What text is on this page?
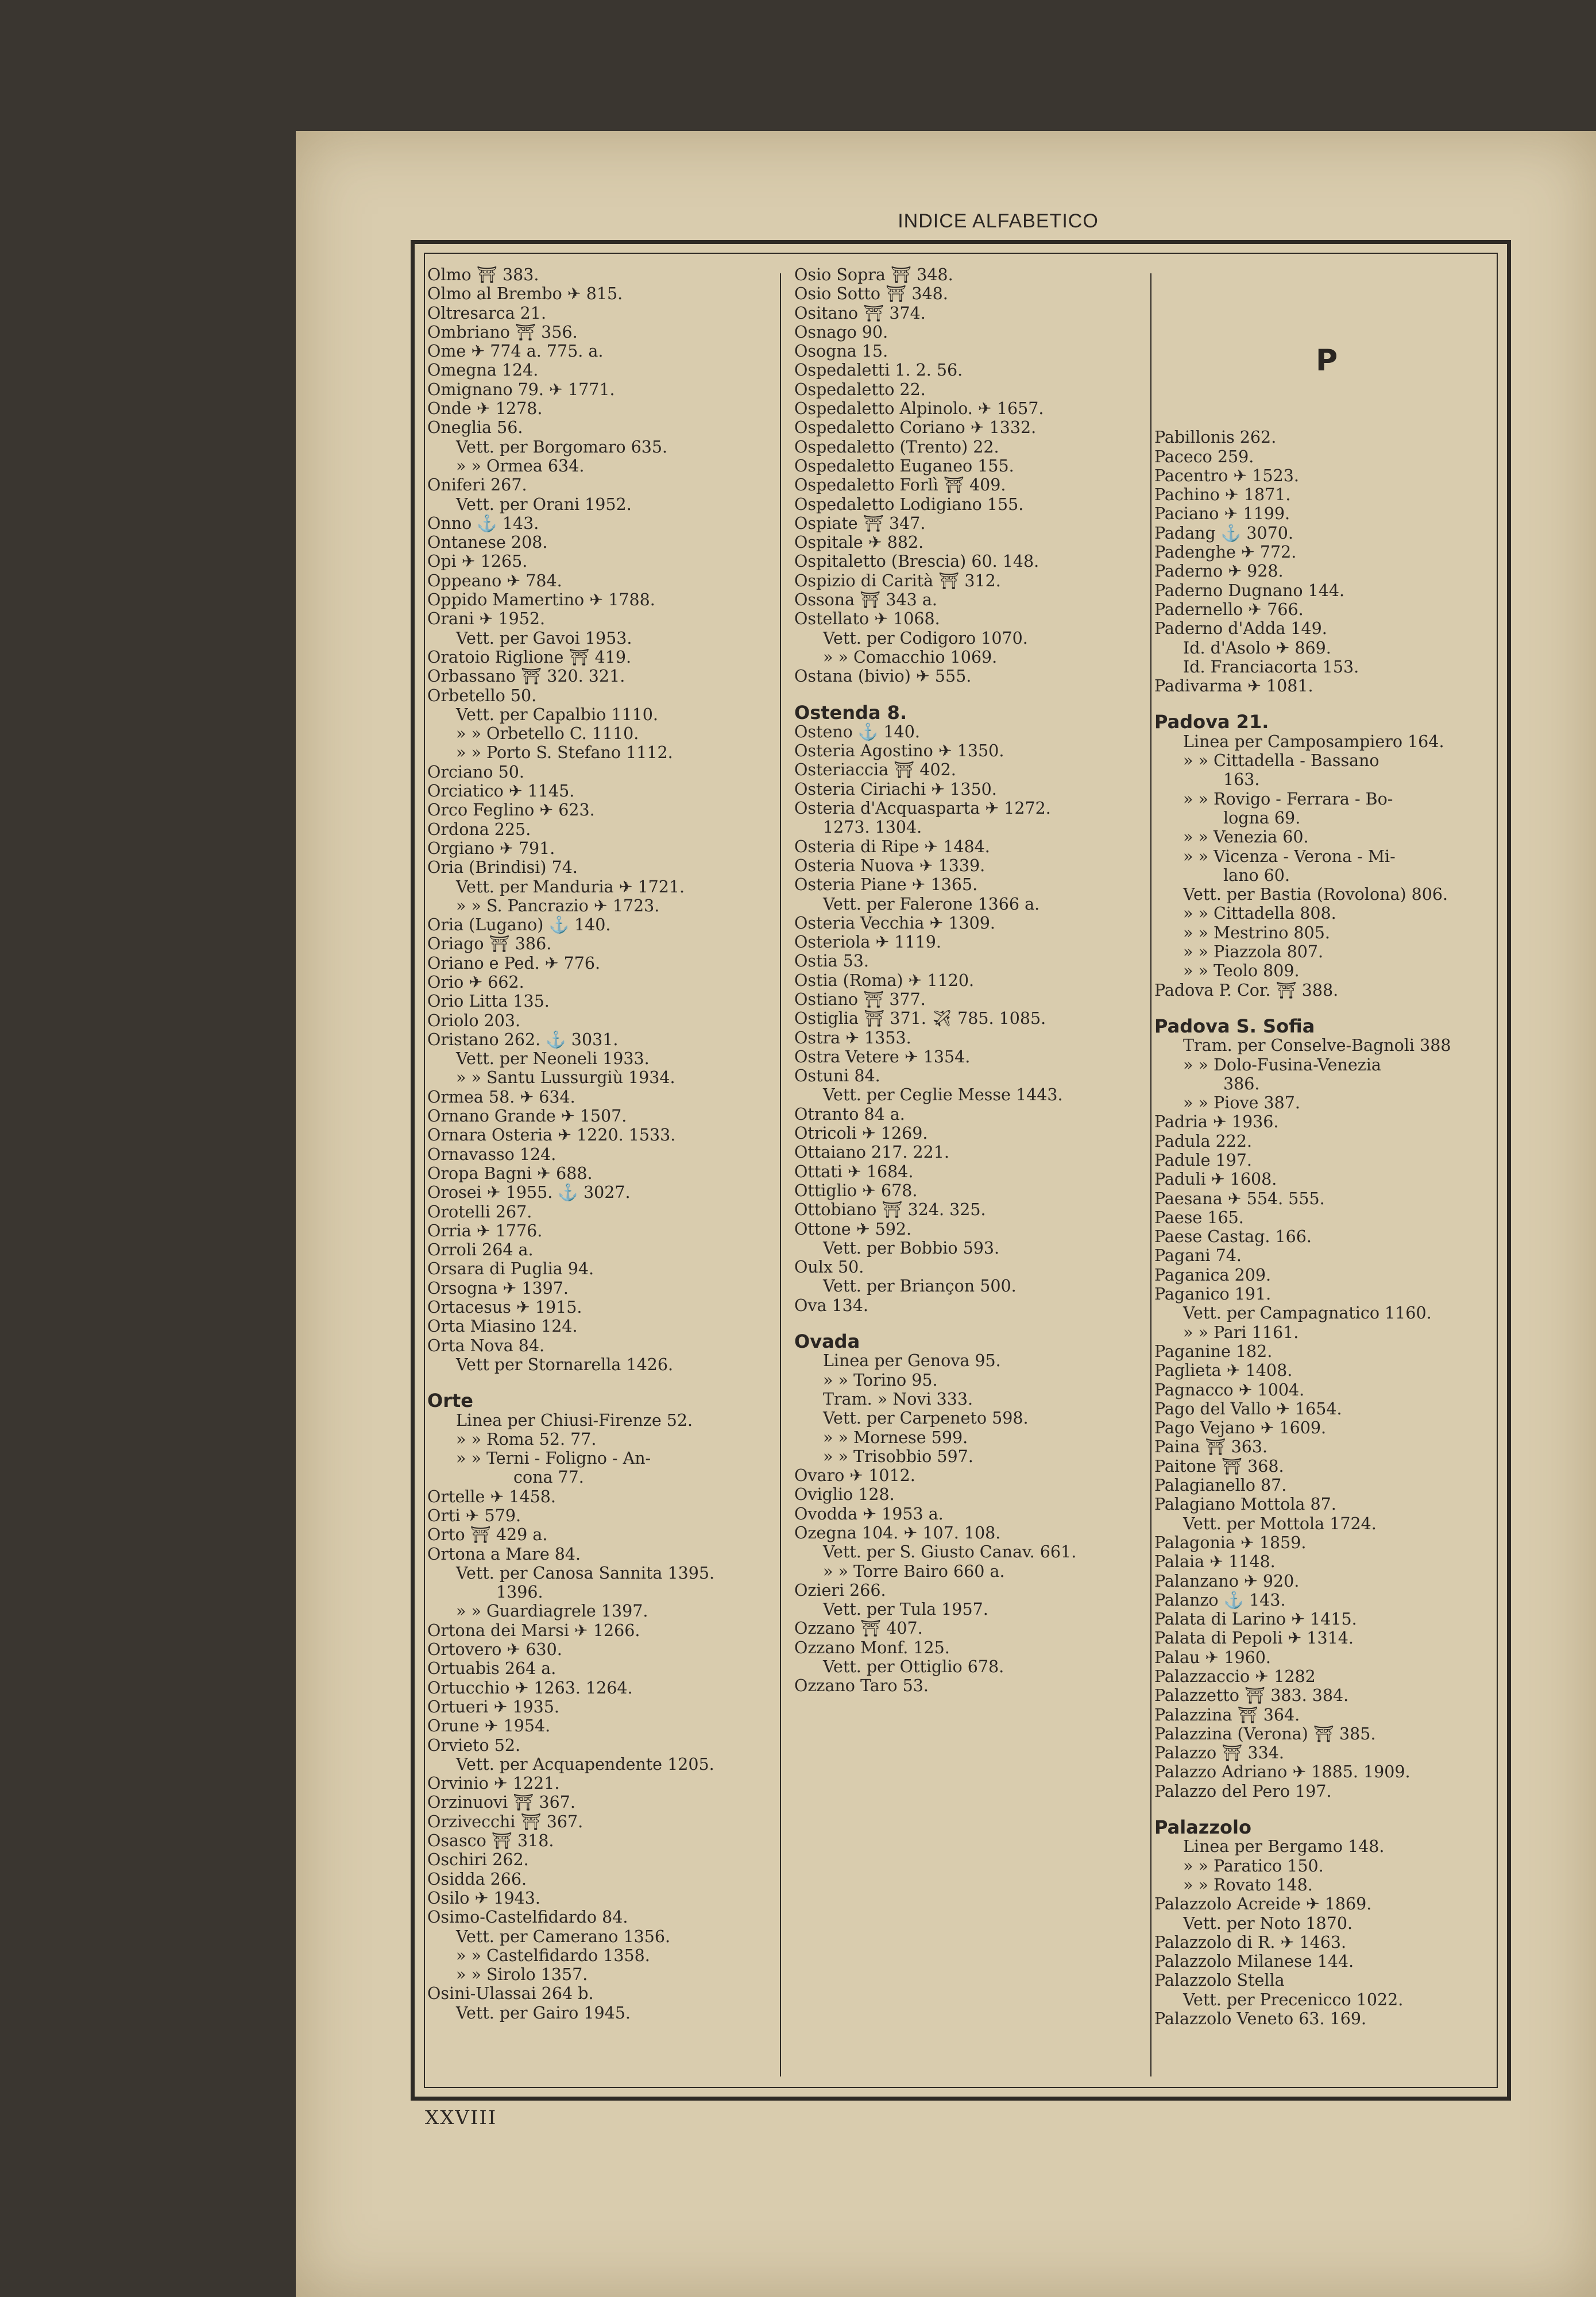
INDICE ALFABETICO
Olmo ⛩ 383.
Olmo al Brembo ✈ 815.
Oltresarca 21.
Ombriano ⛩ 356.
Ome ✈ 774 a. 775. a.
Omegna 124.
Omignano 79. ✈ 1771.
Onde ✈ 1278.
Oneglia 56.
Vett. per Borgomaro 635.
» » Ormea 634.
Oniferi 267.
Vett. per Orani 1952.
Onno ⚓ 143.
Ontanese 208.
Opi ✈ 1265.
Oppeano ✈ 784.
Oppido Mamertino ✈ 1788.
Orani ✈ 1952.
Vett. per Gavoi 1953.
Oratoio Riglione ⛩ 419.
Orbassano ⛩ 320. 321.
Orbetello 50.
Vett. per Capalbio 1110.
» » Orbetello C. 1110.
» » Porto S. Stefano 1112.
Orciano 50.
Orciatico ✈ 1145.
Orco Feglino ✈ 623.
Ordona 225.
Orgiano ✈ 791.
Oria (Brindisi) 74.
Vett. per Manduria ✈ 1721.
» » S. Pancrazio ✈ 1723.
Oria (Lugano) ⚓ 140.
Oriago ⛩ 386.
Oriano e Ped. ✈ 776.
Orio ✈ 662.
Orio Litta 135.
Oriolo 203.
Oristano 262. ⚓ 3031.
Vett. per Neoneli 1933.
» » Santu Lussurgiù 1934.
Ormea 58. ✈ 634.
Ornano Grande ✈ 1507.
Ornara Osteria ✈ 1220. 1533.
Ornavasso 124.
Oropa Bagni ✈ 688.
Orosei ✈ 1955. ⚓ 3027.
Orotelli 267.
Orria ✈ 1776.
Orroli 264 a.
Orsara di Puglia 94.
Orsogna ✈ 1397.
Ortacesus ✈ 1915.
Orta Miasino 124.
Orta Nova 84.
Vett per Stornarella 1426.
Orte
Linea per Chiusi-Firenze 52.
» » Roma 52. 77.
» » Terni - Foligno - An-
cona 77.
Ortelle ✈ 1458.
Orti ✈ 579.
Orto ⛩ 429 a.
Ortona a Mare 84.
Vett. per Canosa Sannita 1395.
1396.
» » Guardiagrele 1397.
Ortona dei Marsi ✈ 1266.
Ortovero ✈ 630.
Ortuabis 264 a.
Ortucchio ✈ 1263. 1264.
Ortueri ✈ 1935.
Orune ✈ 1954.
Orvieto 52.
Vett. per Acquapendente 1205.
Orvinio ✈ 1221.
Orzinuovi ⛩ 367.
Orzivecchi ⛩ 367.
Osasco ⛩ 318.
Oschiri 262.
Osidda 266.
Osilo ✈ 1943.
Osimo-Castelfidardo 84.
Vett. per Camerano 1356.
» » Castelfidardo 1358.
» » Sirolo 1357.
Osini-Ulassai 264 b.
Vett. per Gairo 1945.
Osio Sopra ⛩ 348.
Osio Sotto ⛩ 348.
Ositano ⛩ 374.
Osnago 90.
Osogna 15.
Ospedaletti 1. 2. 56.
Ospedaletto 22.
Ospedaletto Alpinolo. ✈ 1657.
Ospedaletto Coriano ✈ 1332.
Ospedaletto (Trento) 22.
Ospedaletto Euganeo 155.
Ospedaletto Forlì ⛩ 409.
Ospedaletto Lodigiano 155.
Ospiate ⛩ 347.
Ospitale ✈ 882.
Ospitaletto (Brescia) 60. 148.
Ospizio di Carità ⛩ 312.
Ossona ⛩ 343 a.
Ostellato ✈ 1068.
Vett. per Codigoro 1070.
» » Comacchio 1069.
Ostana (bivio) ✈ 555.
Ostenda 8.
Osteno ⚓ 140.
Osteria Agostino ✈ 1350.
Osteriaccia ⛩ 402.
Osteria Ciriachi ✈ 1350.
Osteria d'Acquasparta ✈ 1272.
1273. 1304.
Osteria di Ripe ✈ 1484.
Osteria Nuova ✈ 1339.
Osteria Piane ✈ 1365.
Vett. per Falerone 1366 a.
Osteria Vecchia ✈ 1309.
Osteriola ✈ 1119.
Ostia 53.
Ostia (Roma) ✈ 1120.
Ostiano ⛩ 377.
Ostiglia ⛩ 371. ✈ 785. 1085.
Ostra ✈ 1353.
Ostra Vetere ✈ 1354.
Ostuni 84.
Vett. per Ceglie Messe 1443.
Otranto 84 a.
Otricoli ✈ 1269.
Ottaiano 217. 221.
Ottati ✈ 1684.
Ottiglio ✈ 678.
Ottobiano ⛩ 324. 325.
Ottone ✈ 592.
Vett. per Bobbio 593.
Oulx 50.
Vett. per Briançon 500.
Ova 134.
Ovada
Linea per Genova 95.
» » Torino 95.
Tram. » Novi 333.
Vett. per Carpeneto 598.
» » Mornese 599.
» » Trisobbio 597.
Ovaro ✈ 1012.
Oviglio 128.
Ovodda ✈ 1953 a.
Ozegna 104. ✈ 107. 108.
Vett. per S. Giusto Canav. 661.
» » Torre Bairo 660 a.
Ozieri 266.
Vett. per Tula 1957.
Ozzano ⛩ 407.
Ozzano Monf. 125.
Vett. per Ottiglio 678.
Ozzano Taro 53.
P
Pabillonis 262.
Paceco 259.
Pacentro ✈ 1523.
Pachino ✈ 1871.
Paciano ✈ 1199.
Padang ⚓ 3070.
Padenghe ✈ 772.
Paderno ✈ 928.
Paderno Dugnano 144.
Padernello ✈ 766.
Paderno d'Adda 149.
Id. d'Asolo ✈ 869.
Id. Franciacorta 153.
Padivarma ✈ 1081.
Padova 21.
Linea per Camposampiero 164.
» » Cittadella - Bassano
163.
» » Rovigo - Ferrara - Bo-
logna 69.
» » Venezia 60.
» » Vicenza - Verona - Mi-
lano 60.
Vett. per Bastia (Rovolona) 806.
» » Cittadella 808.
» » Mestrino 805.
» » Piazzola 807.
» » Teolo 809.
Padova P. Cor. ⛩ 388.
Padova S. Sofia
Tram. per Conselve-Bagnoli 388
» » Dolo-Fusina-Venezia
386.
» » Piove 387.
Padria ✈ 1936.
Padula 222.
Padule 197.
Paduli ✈ 1608.
Paesana ✈ 554. 555.
Paese 165.
Paese Castag. 166.
Pagani 74.
Paganica 209.
Paganico 191.
Vett. per Campagnatico 1160.
» » Pari 1161.
Paganine 182.
Paglieta ✈ 1408.
Pagnacco ✈ 1004.
Pago del Vallo ✈ 1654.
Pago Vejano ✈ 1609.
Paina ⛩ 363.
Paitone ⛩ 368.
Palagianello 87.
Palagiano Mottola 87.
Vett. per Mottola 1724.
Palagonia ✈ 1859.
Palaia ✈ 1148.
Palanzano ✈ 920.
Palanzo ⚓ 143.
Palata di Larino ✈ 1415.
Palata di Pepoli ✈ 1314.
Palau ✈ 1960.
Palazzaccio ✈ 1282
Palazzetto ⛩ 383. 384.
Palazzina ⛩ 364.
Palazzina (Verona) ⛩ 385.
Palazzo ⛩ 334.
Palazzo Adriano ✈ 1885. 1909.
Palazzo del Pero 197.
Palazzolo
Linea per Bergamo 148.
» » Paratico 150.
» » Rovato 148.
Palazzolo Acreide ✈ 1869.
Vett. per Noto 1870.
Palazzolo di R. ✈ 1463.
Palazzolo Milanese 144.
Palazzolo Stella
Vett. per Precenicco 1022.
Palazzolo Veneto 63. 169.
XXVIII
